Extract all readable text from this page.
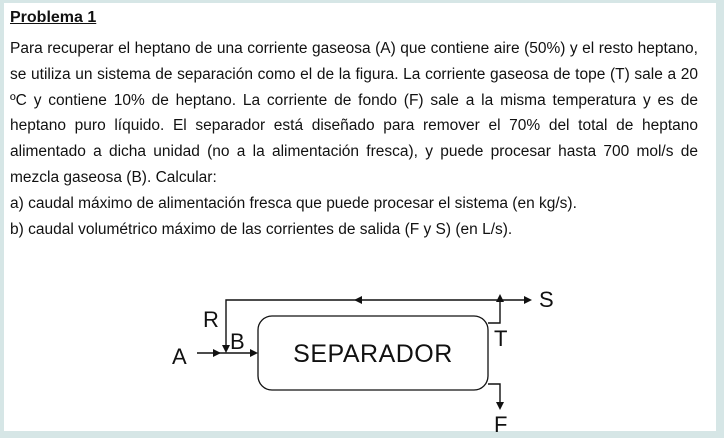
Problema 1
Para recuperar el heptano de una corriente gaseosa (A) que contiene aire (50%) y el resto heptano, se utiliza un sistema de separación como el de la figura. La corriente gaseosa de tope (T) sale a 20 ºC y contiene 10% de heptano. La corriente de fondo (F) sale a la misma temperatura y es de heptano puro líquido. El separador está diseñado para remover el 70% del total de heptano alimentado a dicha unidad (no a la alimentación fresca), y puede procesar hasta 700 mol/s de mezcla gaseosa (B). Calcular:
a) caudal máximo de alimentación fresca que puede procesar el sistema (en kg/s).
b) caudal volumétrico máximo de las corrientes de salida (F y S) (en L/s).
SEPARADOR
A
R
B	T
S
F
